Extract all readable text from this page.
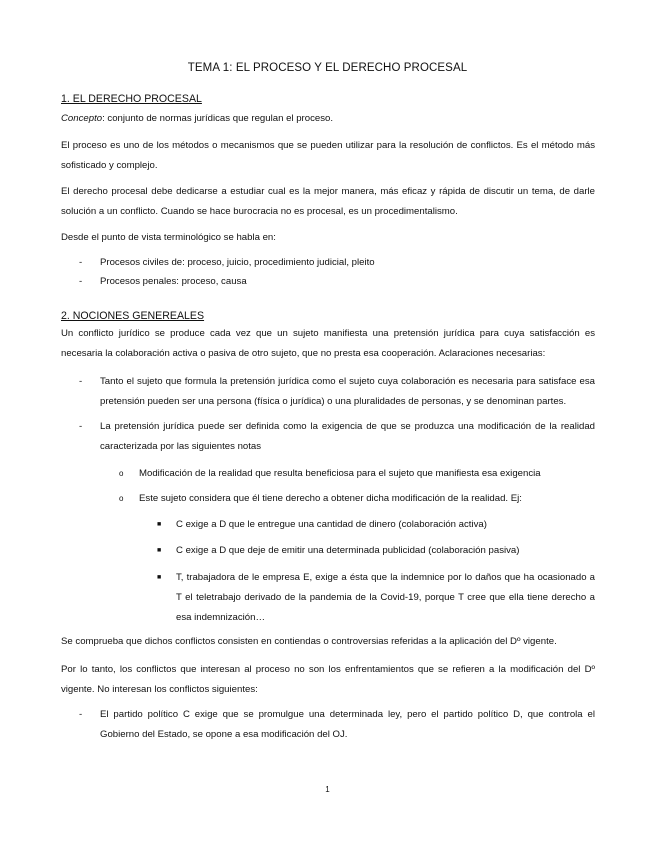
TEMA 1: EL PROCESO Y EL DERECHO PROCESAL
1. EL DERECHO PROCESAL
Concepto: conjunto de normas jurídicas que regulan el proceso.
El proceso es uno de los métodos o mecanismos que se pueden utilizar para la resolución de conflictos. Es el método más sofisticado y complejo.
El derecho procesal debe dedicarse a estudiar cual es la mejor manera, más eficaz y rápida de discutir un tema, de darle solución a un conflicto. Cuando se hace burocracia no es procesal, es un procedimentalismo.
Desde el punto de vista terminológico se habla en:
- Procesos civiles de: proceso, juicio, procedimiento judicial, pleito
- Procesos penales: proceso, causa
2. NOCIONES GENEREALES
Un conflicto jurídico se produce cada vez que un sujeto manifiesta una pretensión jurídica para cuya satisfacción es necesaria la colaboración activa o pasiva de otro sujeto, que no presta esa cooperación. Aclaraciones necesarias:
- Tanto el sujeto que formula la pretensión jurídica como el sujeto cuya colaboración es necesaria para satisface esa pretensión pueden ser una persona (física o jurídica) o una pluralidades de personas, y se denominan partes.
- La pretensión jurídica puede ser definida como la exigencia de que se produzca una modificación de la realidad caracterizada por las siguientes notas
o Modificación de la realidad que resulta beneficiosa para el sujeto que manifiesta esa exigencia
o Este sujeto considera que él tiene derecho a obtener dicha modificación de la realidad. Ej:
■ C exige a D que le entregue una cantidad de dinero (colaboración activa)
■ C exige a D que deje de emitir una determinada publicidad (colaboración pasiva)
■ T, trabajadora de le empresa E, exige a ésta que la indemnice por lo daños que ha ocasionado a T el teletrabajo derivado de la pandemia de la Covid-19, porque T cree que ella tiene derecho a esa indemnización…
Se comprueba que dichos conflictos consisten en contiendas o controversias referidas a la aplicación del Dº vigente.
Por lo tanto, los conflictos que interesan al proceso no son los enfrentamientos que se refieren a la modificación del Dº vigente. No interesan los conflictos siguientes:
- El partido político C exige que se promulgue una determinada ley, pero el partido político D, que controla el Gobierno del Estado, se opone a esa modificación del OJ.
1
